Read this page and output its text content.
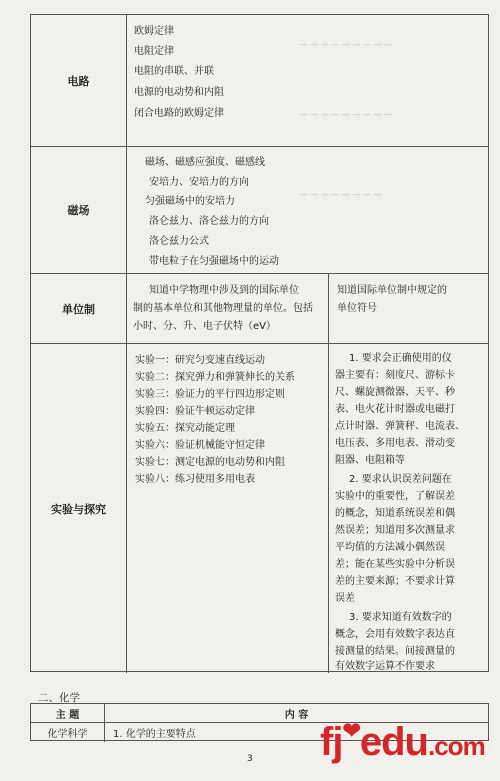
— — — — — — — — —
— — — — — — — — —
— — — — — — — —
电路
欧姆定律
电阻定律
电阻的串联、并联
电源的电动势和内阻
闭合电路的欧姆定律
磁场
磁场、磁感应强度、磁感线
安培力、安培力的方向
匀强磁场中的安培力
洛仑兹力、洛仑兹力的方向
洛仑兹力公式
带电粒子在匀强磁场中的运动
单位制
知道中学物理中涉及到的国际单位
制的基本单位和其他物理量的单位。包括
小时、分、升、电子伏特（eV）
知道国际单位制中规定的
单位符号
实验与探究
实验一：研究匀变速直线运动
实验二：探究弹力和弹簧伸长的关系
实验三：验证力的平行四边形定则
实验四：验证牛顿运动定律
实验五：探究动能定理
实验六：验证机械能守恒定律
实验七：测定电源的电动势和内阻
实验八：练习使用多用电表
1. 要求会正确使用的仪
器主要有：刻度尺、游标卡
尺、螺旋测微器、天平、秒
表、电火花计时器或电磁打
点计时器、弹簧秤、电流表、
电压表、多用电表、滑动变
阻器、电阻箱等
2. 要求认识误差问题在
实验中的重要性，了解误差
的概念，知道系统误差和偶
然误差；知道用多次测量求
平均值的方法减小偶然误
差；能在某些实验中分析误
差的主要来源；不要求计算
误差
3. 要求知道有效数字的
概念，会用有效数字表达直
接测量的结果。间接测量的
有效数字运算不作要求
二、化学
主 题	内 容
化学科学	1. 化学的主要特点
3 fj❤edu.com
